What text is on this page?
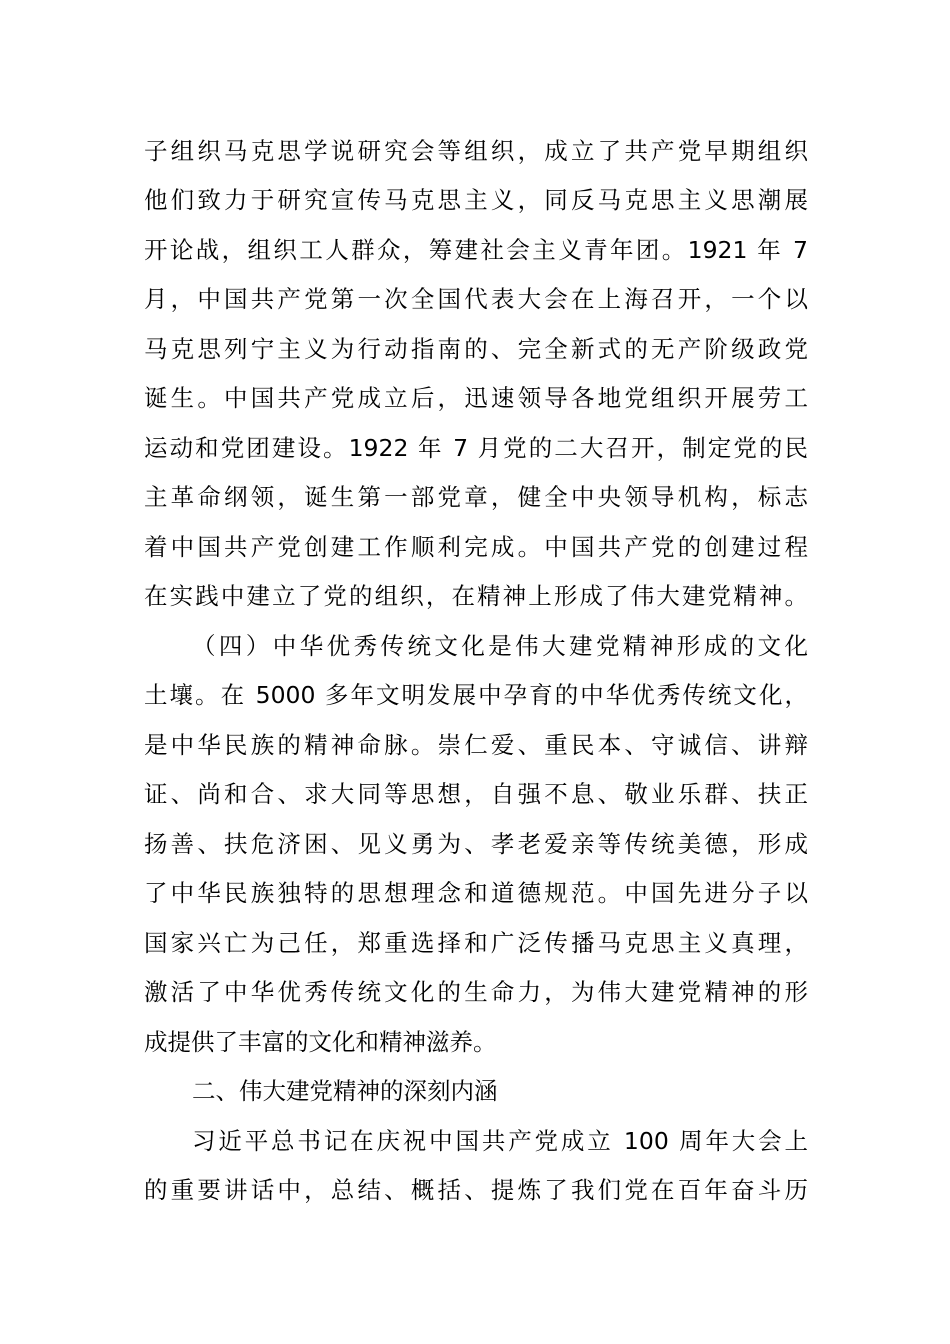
子组织马克思学说研究会等组织，成立了共产党早期组织
他们致力于研究宣传马克思主义，同反马克思主义思潮展
开论战，组织工人群众，筹建社会主义青年团。1921 年 7
月，中国共产党第一次全国代表大会在上海召开，一个以
马克思列宁主义为行动指南的、完全新式的无产阶级政党
诞生。中国共产党成立后，迅速领导各地党组织开展劳工
运动和党团建设。1922 年 7 月党的二大召开，制定党的民
主革命纲领，诞生第一部党章，健全中央领导机构，标志
着中国共产党创建工作顺利完成。中国共产党的创建过程
在实践中建立了党的组织，在精神上形成了伟大建党精神。
（四）中华优秀传统文化是伟大建党精神形成的文化
土壤。在 5000 多年文明发展中孕育的中华优秀传统文化，
是中华民族的精神命脉。崇仁爱、重民本、守诚信、讲辩
证、尚和合、求大同等思想，自强不息、敬业乐群、扶正
扬善、扶危济困、见义勇为、孝老爱亲等传统美德，形成
了中华民族独特的思想理念和道德规范。中国先进分子以
国家兴亡为己任，郑重选择和广泛传播马克思主义真理，
激活了中华优秀传统文化的生命力，为伟大建党精神的形
成提供了丰富的文化和精神滋养。
二、伟大建党精神的深刻内涵
习近平总书记在庆祝中国共产党成立 100 周年大会上
的重要讲话中，总结、概括、提炼了我们党在百年奋斗历
